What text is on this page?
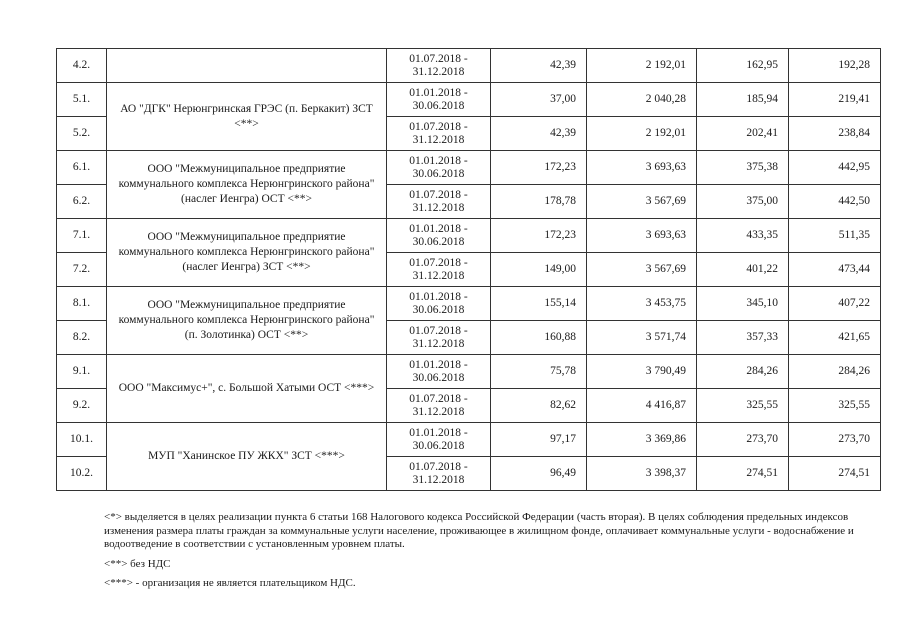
4.2.		01.07.2018 -
31.12.2018	42,39	2 192,01	162,95	192,28
5.1.	АО "ДГК" Нерюнгринская ГРЭС (п. Беркакит) ЗСТ <**>	01.01.2018 -
30.06.2018	37,00	2 040,28	185,94	219,41
5.2.		01.07.2018 -
31.12.2018	42,39	2 192,01	202,41	238,84
6.1.	ООО "Межмуниципальное предприятие коммунального комплекса Нерюнгринского района" (наслег Иенгра) ОСТ <**>	01.01.2018 -
30.06.2018	172,23	3 693,63	375,38	442,95
6.2.		01.07.2018 -
31.12.2018	178,78	3 567,69	375,00	442,50
7.1.	ООО "Межмуниципальное предприятие коммунального комплекса Нерюнгринского района" (наслег Иенгра) ЗСТ <**>	01.01.2018 -
30.06.2018	172,23	3 693,63	433,35	511,35
7.2.		01.07.2018 -
31.12.2018	149,00	3 567,69	401,22	473,44
8.1.	ООО "Межмуниципальное предприятие коммунального комплекса Нерюнгринского района" (п. Золотинка) ОСТ <**>	01.01.2018 -
30.06.2018	155,14	3 453,75	345,10	407,22
8.2.		01.07.2018 -
31.12.2018	160,88	3 571,74	357,33	421,65
9.1.	ООО "Максимус+", с. Большой Хатыми ОСТ <***>	01.01.2018 -
30.06.2018	75,78	3 790,49	284,26	284,26
9.2.		01.07.2018 -
31.12.2018	82,62	4 416,87	325,55	325,55
10.1.	МУП "Ханинское ПУ ЖКХ" ЗСТ <***>	01.01.2018 -
30.06.2018	97,17	3 369,86	273,70	273,70
10.2.		01.07.2018 -
31.12.2018	96,49	3 398,37	274,51	274,51

<*> выделяется в целях реализации пункта 6 статьи 168 Налогового кодекса Российской Федерации (часть вторая). В целях соблюдения предельных индексов изменения размера платы граждан за коммунальные услуги население, проживающее в жилищном фонде, оплачивает коммунальные услуги - водоснабжение и водоотведение в соответствии с установленным уровнем платы.

<**> без НДС

<***> - организация не является плательщиком НДС.
